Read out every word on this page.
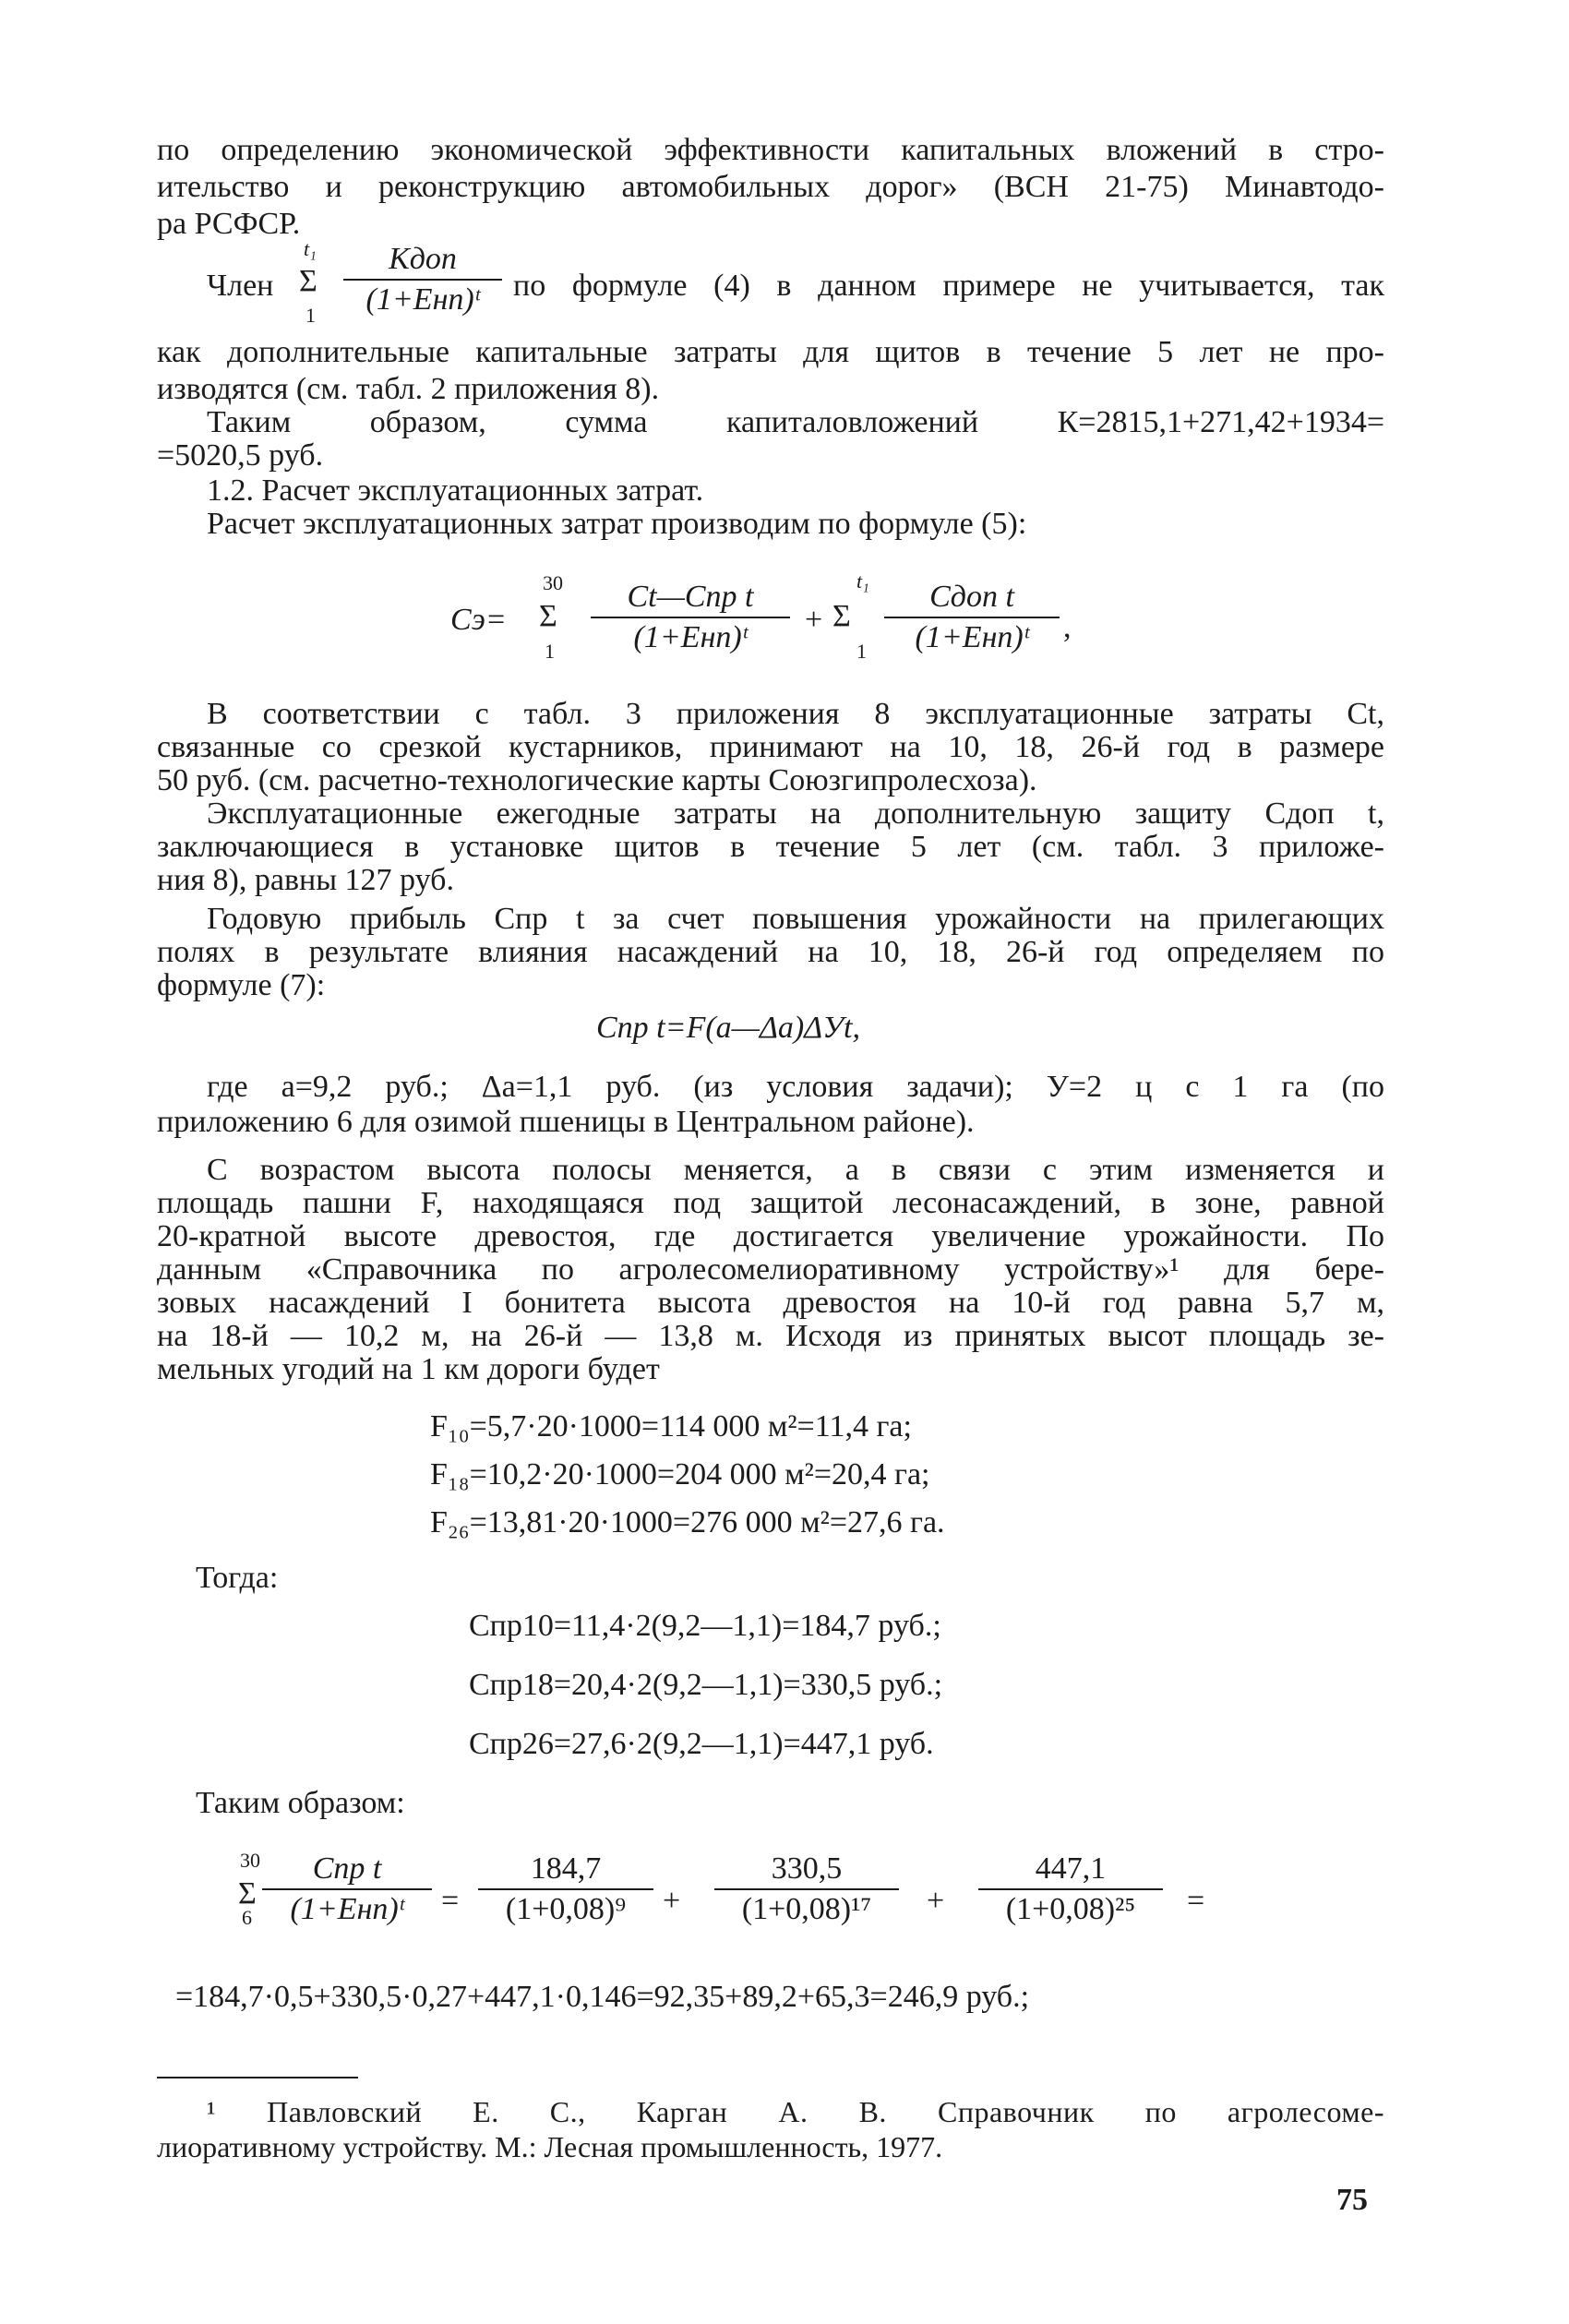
по определению экономической эффективности капитальных вложений в стро-
ительство и реконструкцию автомобильных дорог» (ВСН 21-75) Минавтодо-
ра РСФСР.
Член
t₁
Σ
1
Кдоп
(1+Енп)ᵗ	по формуле (4) в данном примере не учитывается, так
как дополнительные капитальные затраты для щитов в течение 5 лет не про-
изводятся (см. табл. 2 приложения 8).
Таким образом, сумма капиталовложений К=2815,1+271,42+1934=
=5020,5 руб.
1.2. Расчет эксплуатационных затрат.
Расчет эксплуатационных затрат производим по формуле (5):
Сэ=
30
Σ
1
Сt—Спр t
(1+Енп)ᵗ
+
t₁
Σ
1
Сдоп t
(1+Енп)ᵗ	,
В соответствии с табл. 3 приложения 8 эксплуатационные затраты Сt,
связанные со срезкой кустарников, принимают на 10, 18, 26-й год в размере
50 руб. (см. расчетно-технологические карты Союзгипролесхоза).
Эксплуатационные ежегодные затраты на дополнительную защиту Сдоп t,
заключающиеся в установке щитов в течение 5 лет (см. табл. 3 приложе-
ния 8), равны 127 руб.
Годовую прибыль Спр t за счет повышения урожайности на прилегающих
полях в результате влияния насаждений на 10, 18, 26-й год определяем по
формуле (7):
Спр t=F(а—Δа)ΔУt,
где а=9,2 руб.; Δа=1,1 руб. (из условия задачи); У=2 ц с 1 га (по
приложению 6 для озимой пшеницы в Центральном районе).
С возрастом высота полосы меняется, а в связи с этим изменяется и
площадь пашни F, находящаяся под защитой лесонасаждений, в зоне, равной
20-кратной высоте древостоя, где достигается увеличение урожайности. По
данным «Справочника по агролесомелиоративному устройству»¹ для бере-
зовых насаждений I бонитета высота древостоя на 10-й год равна 5,7 м,
на 18-й — 10,2 м, на 26-й — 13,8 м. Исходя из принятых высот площадь зе-
мельных угодий на 1 км дороги будет
F₁₀=5,7·20·1000=114 000 м²=11,4 га;
F₁₈=10,2·20·1000=204 000 м²=20,4 га;
F₂₆=13,81·20·1000=276 000 м²=27,6 га.
Тогда:
Спр10=11,4·2(9,2—1,1)=184,7 руб.;
Спр18=20,4·2(9,2—1,1)=330,5 руб.;
Спр26=27,6·2(9,2—1,1)=447,1 руб.
Таким образом:
30
Σ
6
Спр t
(1+Енп)ᵗ	=
184,7
(1+0,08)⁹	+
330,5
(1+0,08)¹⁷	+
447,1
(1+0,08)²⁵	=
=184,7·0,5+330,5·0,27+447,1·0,146=92,35+89,2+65,3=246,9 руб.;
¹ Павловский Е. С., Карган А. В. Справочник по агролесоме-
лиоративному устройству. М.: Лесная промышленность, 1977.
75
